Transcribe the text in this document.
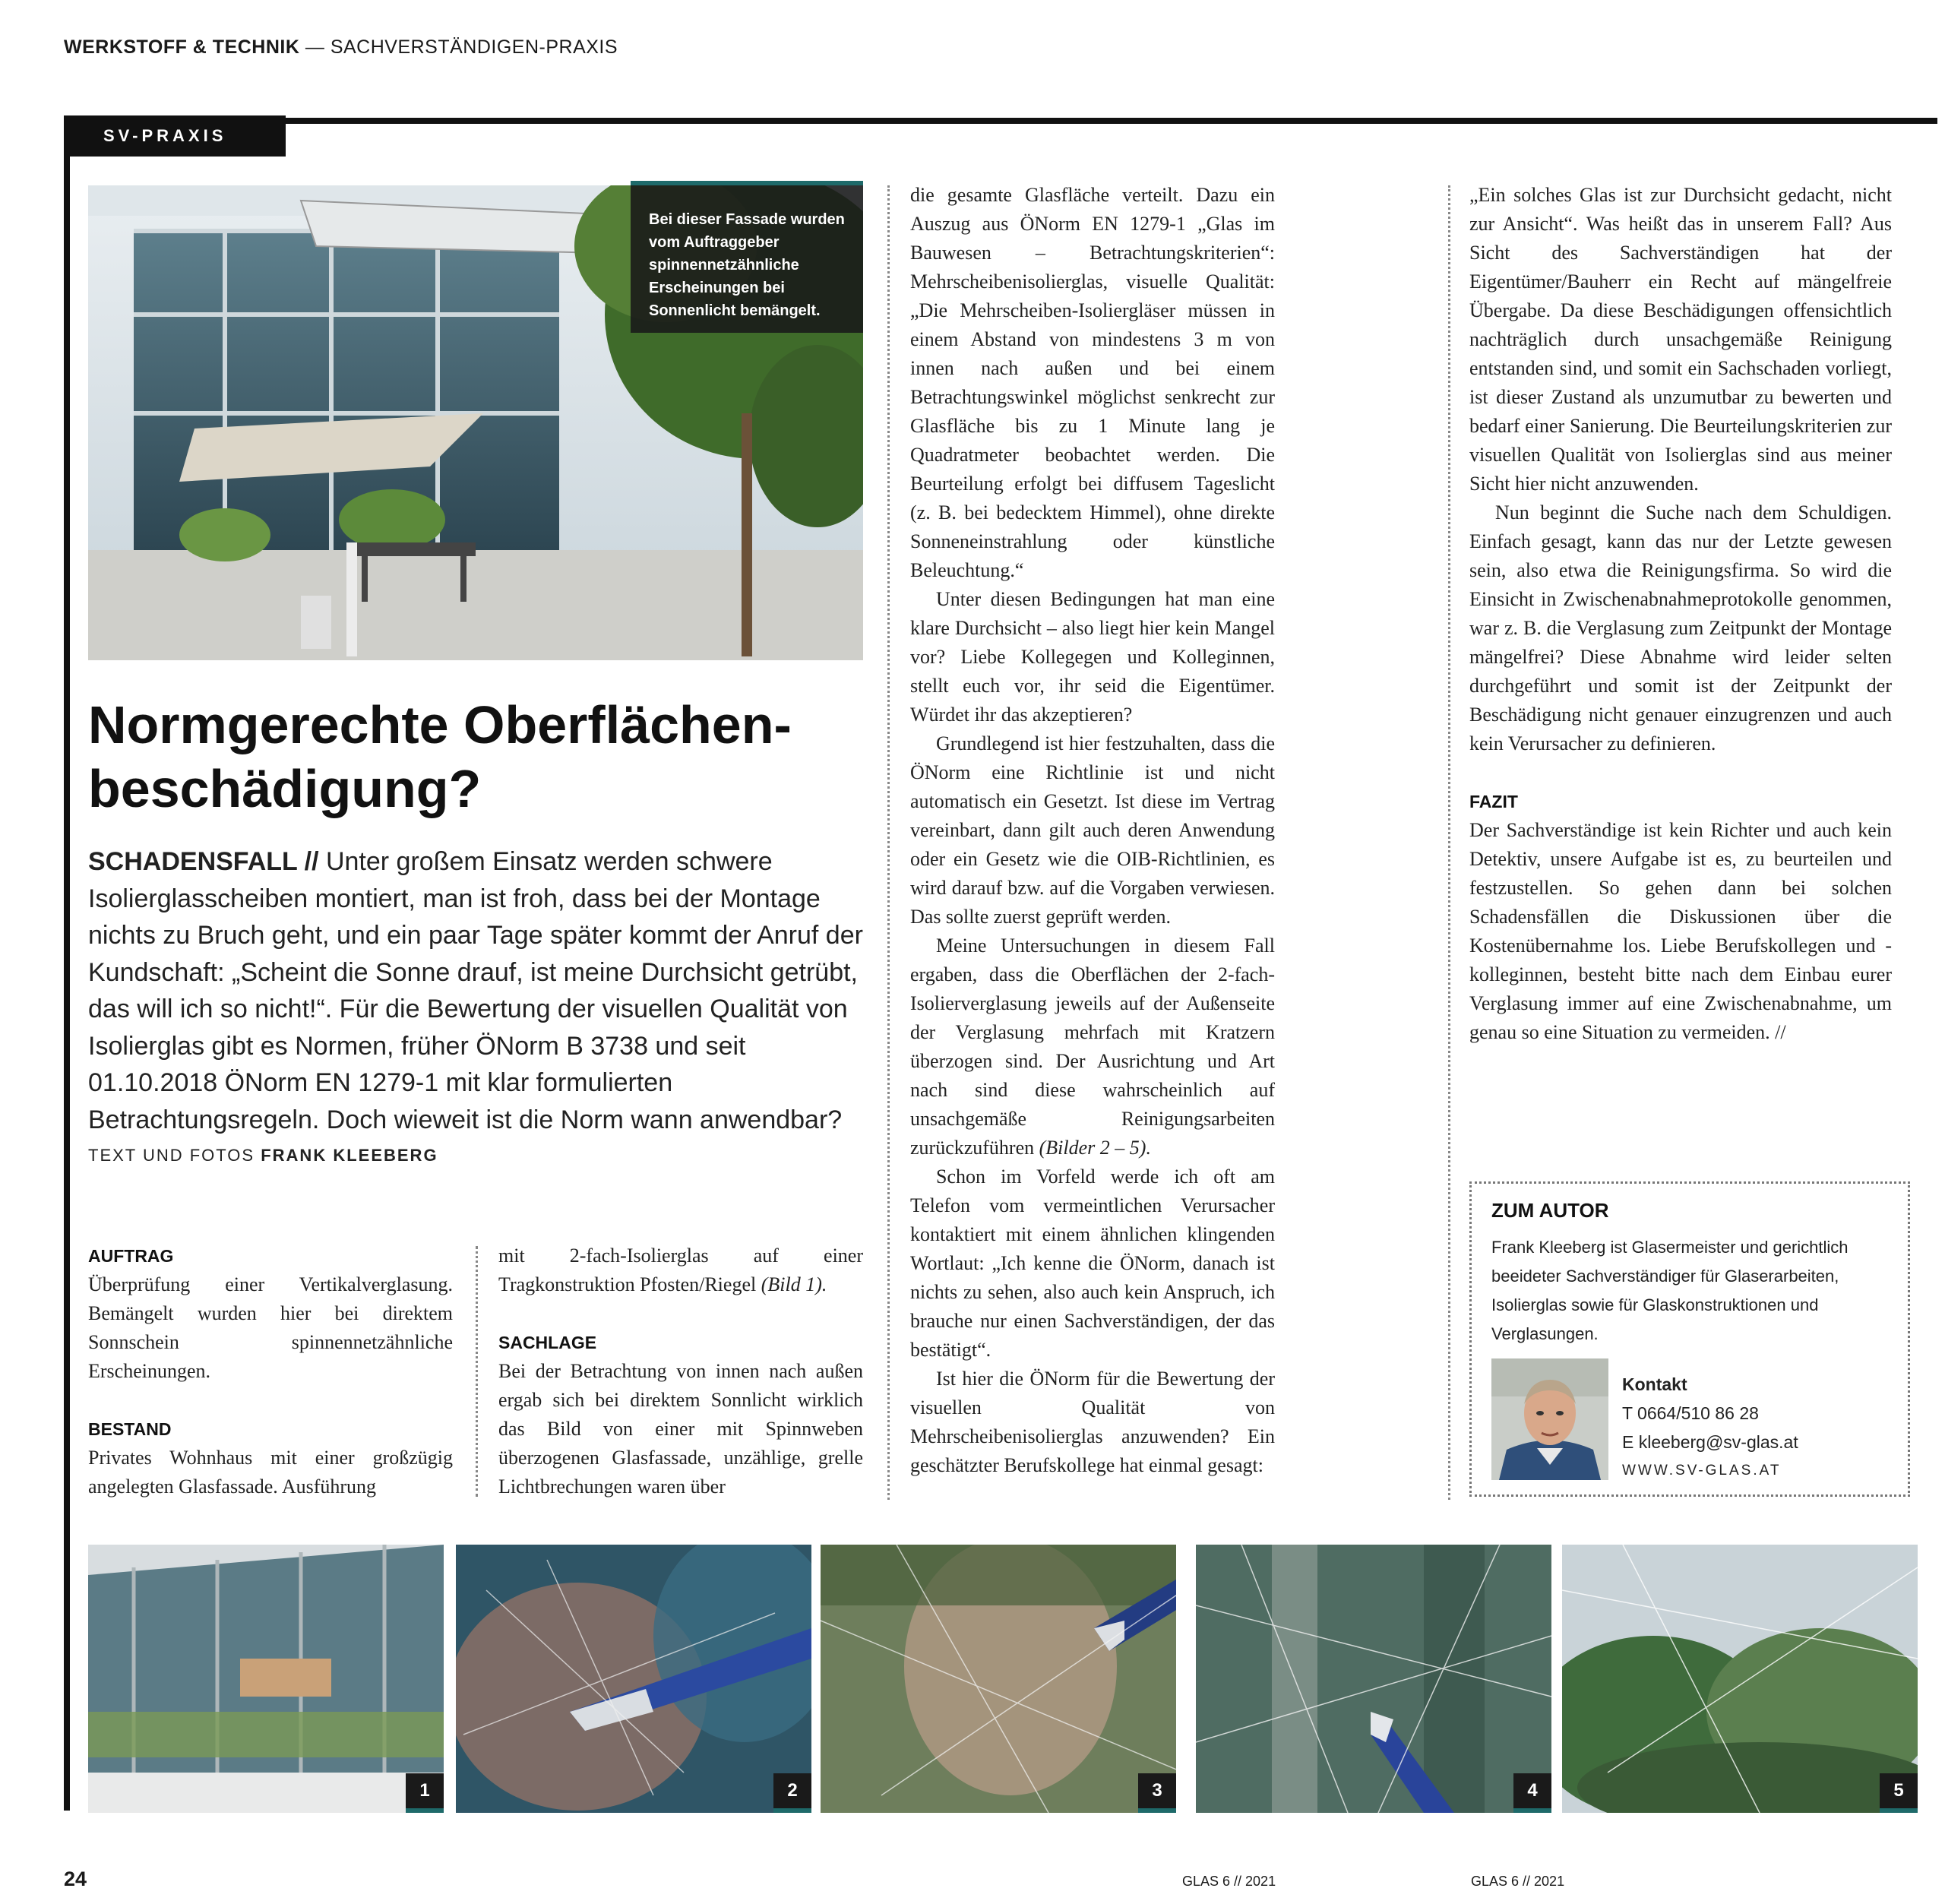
WERKSTOFF & TECHNIK — SACHVERSTÄNDIGEN-PRAXIS
SV-PRAXIS
Bei dieser Fassade wurden vom Auftraggeber spinnennetzähnliche Erscheinungen bei Sonnenlicht bemängelt.
Normgerechte Oberflächen-
beschädigung?
SCHADENSFALL // Unter großem Einsatz werden schwere Isolierglasscheiben montiert, man ist froh, dass bei der Montage nichts zu Bruch geht, und ein paar Tage später kommt der Anruf der Kundschaft: „Scheint die Sonne drauf, ist meine Durchsicht getrübt, das will ich so nicht!“. Für die Bewertung der visuellen Qualität von Isolierglas gibt es Normen, früher ÖNorm B 3738 und seit 01.10.2018 ÖNorm EN 1279-1 mit klar formulierten Betrachtungsregeln. Doch wieweit ist die Norm wann anwendbar?
TEXT UND FOTOS FRANK KLEEBERG
AUFTRAG

Überprüfung einer Vertikalverglasung. Bemängelt wurden hier bei direktem Sonnschein spinnennetzähnliche Erscheinungen.

BESTAND

Privates Wohnhaus mit einer großzügig angelegten Glasfassade. Ausführung

mit 2-fach-Isolierglas auf einer Tragkonstruktion Pfosten/Riegel (Bild 1).

SACHLAGE

Bei der Betrachtung von innen nach außen ergab sich bei direktem Sonnlicht wirklich das Bild von einer mit Spinnweben überzogenen Glasfassade, unzählige, grelle Lichtbrechungen waren über

die gesamte Glasfläche verteilt. Dazu ein Auszug aus ÖNorm EN 1279-1 „Glas im Bauwesen – Betrachtungskriterien“: Mehrscheibenisolierglas, visuelle Qualität: „Die Mehrscheiben-Isoliergläser müssen in einem Abstand von mindestens 3 m von innen nach außen und bei einem Betrachtungswinkel möglichst senkrecht zur Glasfläche bis zu 1 Minute lang je Quadratmeter beobachtet werden. Die Beurteilung erfolgt bei diffusem Tageslicht (z. B. bei bedecktem Himmel), ohne direkte Sonneneinstrahlung oder künstliche Beleuchtung.“

Unter diesen Bedingungen hat man eine klare Durchsicht – also liegt hier kein Mangel vor? Liebe Kollegegen und Kolleginnen, stellt euch vor, ihr seid die Eigentümer. Würdet ihr das akzeptieren?

Grundlegend ist hier festzuhalten, dass die ÖNorm eine Richtlinie ist und nicht automatisch ein Gesetzt. Ist diese im Vertrag vereinbart, dann gilt auch deren Anwendung oder ein Gesetz wie die OIB-Richtlinien, es wird darauf bzw. auf die Vorgaben verwiesen. Das sollte zuerst geprüft werden.

Meine Untersuchungen in diesem Fall ergaben, dass die Oberflächen der 2-fach-Isolierverglasung jeweils auf der Außenseite der Verglasung mehrfach mit Kratzern überzogen sind. Der Ausrichtung und Art nach sind diese wahrscheinlich auf unsachgemäße Reinigungsarbeiten zurückzuführen (Bilder 2 – 5).

Schon im Vorfeld werde ich oft am Telefon vom vermeintlichen Verursacher kontaktiert mit einem ähnlichen klingenden Wortlaut: „Ich kenne die ÖNorm, danach ist nichts zu sehen, also auch kein Anspruch, ich brauche nur einen Sachverständigen, der das bestätigt“.

Ist hier die ÖNorm für die Bewertung der visuellen Qualität von Mehrscheibenisolierglas anzuwenden? Ein geschätzter Berufskollege hat einmal gesagt:

„Ein solches Glas ist zur Durchsicht gedacht, nicht zur Ansicht“. Was heißt das in unserem Fall? Aus Sicht des Sachverständigen hat der Eigentümer/Bauherr ein Recht auf mängelfreie Übergabe. Da diese Beschädigungen offensichtlich nachträglich durch unsachgemäße Reinigung entstanden sind, und somit ein Sachschaden vorliegt, ist dieser Zustand als unzumutbar zu bewerten und bedarf einer Sanierung. Die Beurteilungskriterien zur visuellen Qualität von Isolierglas sind aus meiner Sicht hier nicht anzuwenden.

Nun beginnt die Suche nach dem Schuldigen. Einfach gesagt, kann das nur der Letzte gewesen sein, also etwa die Reinigungsfirma. So wird die Einsicht in Zwischenabnahmeprotokolle genommen, war z. B. die Verglasung zum Zeitpunkt der Montage mängelfrei? Diese Abnahme wird leider selten durchgeführt und somit ist der Zeitpunkt der Beschädigung nicht genauer einzugrenzen und auch kein Verursacher zu definieren.

FAZIT

Der Sachverständige ist kein Richter und auch kein Detektiv, unsere Aufgabe ist es, zu beurteilen und festzustellen. So gehen dann bei solchen Schadensfällen die Diskussionen über die Kostenübernahme los. Liebe Berufskollegen und -kolleginnen, besteht bitte nach dem Einbau eurer Verglasung immer auf eine Zwischenabnahme, um genau so eine Situation zu vermeiden. //

ZUM AUTOR
Frank Kleeberg ist Glasermeister und gerichtlich beeideter Sachverständiger für Glaserarbeiten, Isolierglas sowie für Glaskonstruktionen und Verglasungen.
Kontakt
T 0664/510 86 28
E kleeberg@sv-glas.at
WWW.SV-GLAS.AT
1	2	3	4	5
24	GLAS 6 // 2021	GLAS 6 // 2021
